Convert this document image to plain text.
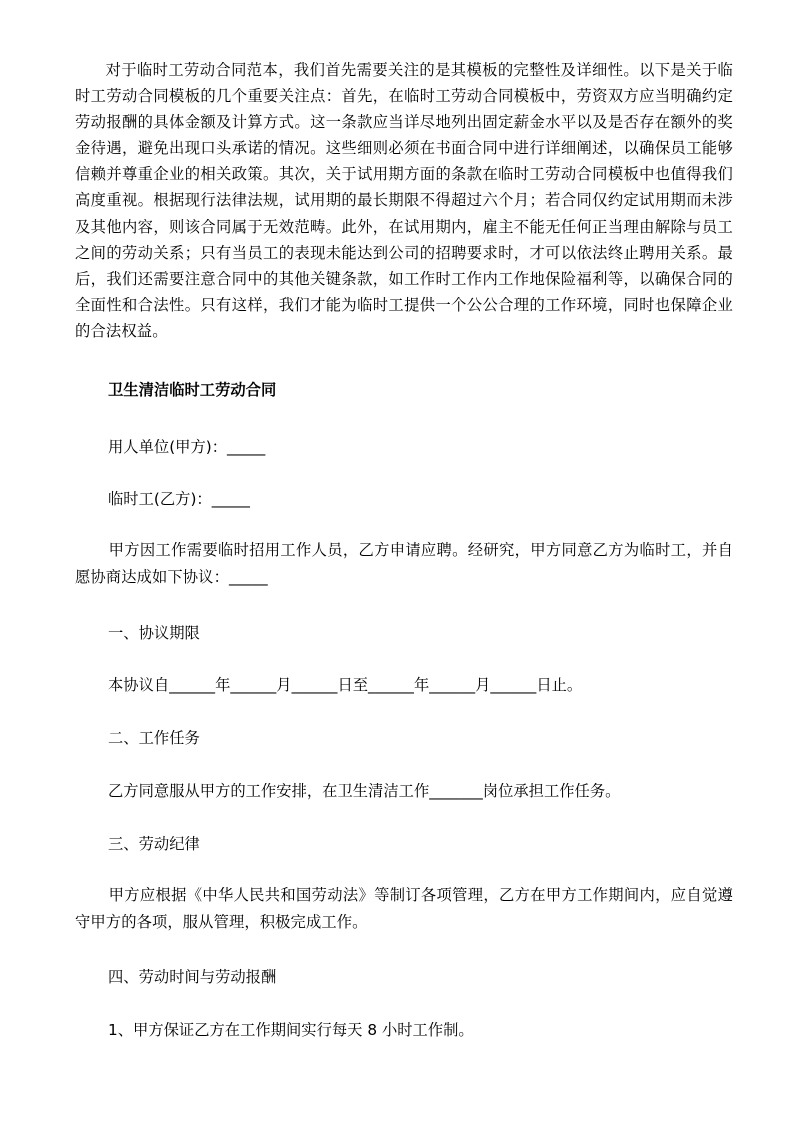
对于临时工劳动合同范本，我们首先需要关注的是其模板的完整性及详细性。以下是关于临时工劳动合同模板的几个重要关注点：首先，在临时工劳动合同模板中，劳资双方应当明确约定劳动报酬的具体金额及计算方式。这一条款应当详尽地列出固定薪金水平以及是否存在额外的奖金待遇，避免出现口头承诺的情况。这些细则必须在书面合同中进行详细阐述，以确保员工能够信赖并尊重企业的相关政策。其次，关于试用期方面的条款在临时工劳动合同模板中也值得我们高度重视。根据现行法律法规，试用期的最长期限不得超过六个月；若合同仅约定试用期而未涉及其他内容，则该合同属于无效范畴。此外，在试用期内，雇主不能无任何正当理由解除与员工之间的劳动关系；只有当员工的表现未能达到公司的招聘要求时，才可以依法终止聘用关系。最后，我们还需要注意合同中的其他关键条款，如工作时工作内工作地保险福利等，以确保合同的全面性和合法性。只有这样，我们才能为临时工提供一个公公合理的工作环境，同时也保障企业的合法权益。

卫生清洁临时工劳动合同

用人单位(甲方)：_____

临时工(乙方)：_____

甲方因工作需要临时招用工作人员，乙方申请应聘。经研究，甲方同意乙方为临时工，并自愿协商达成如下协议：_____

一、协议期限

本协议自______年______月______日至______年______月______日止。

二、工作任务

乙方同意服从甲方的工作安排，在卫生清洁工作_______岗位承担工作任务。

三、劳动纪律

甲方应根据《中华人民共和国劳动法》等制订各项管理，乙方在甲方工作期间内，应自觉遵守甲方的各项，服从管理，积极完成工作。

四、劳动时间与劳动报酬

1、甲方保证乙方在工作期间实行每天 8 小时工作制。
